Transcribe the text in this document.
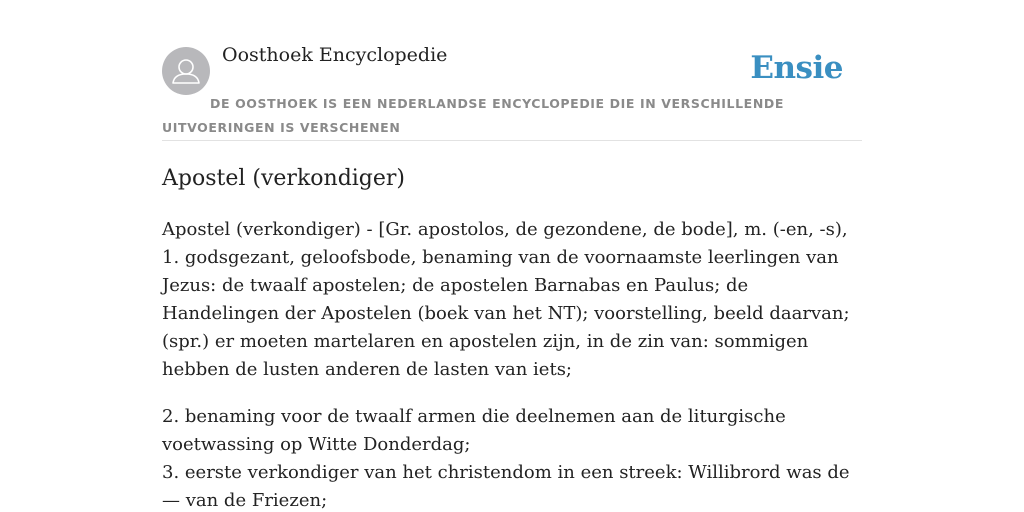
Oosthoek Encyclopedie	Ensie

DE OOSTHOEK IS EEN NEDERLANDSE ENCYCLOPEDIE DIE IN VERSCHILLENDE UITVOERINGEN IS VERSCHENEN

Apostel (verkondiger)

Apostel (verkondiger) - [Gr. apostolos, de gezondene, de bode], m. (-en, -s), 1. godsgezant, geloofsbode, benaming van de voornaamste leerlingen van Jezus: de twaalf apostelen; de apostelen Barnabas en Paulus; de Handelingen der Apostelen (boek van het NT); voorstelling, beeld daarvan; (spr.) er moeten martelaren en apostelen zijn, in de zin van: sommigen hebben de lusten anderen de lasten van iets;

2. benaming voor de twaalf armen die deelnemen aan de liturgische voetwassing op Witte Donderdag;

3. eerste verkondiger van het christendom in een streek: Willibrord was de — van de Friezen;
